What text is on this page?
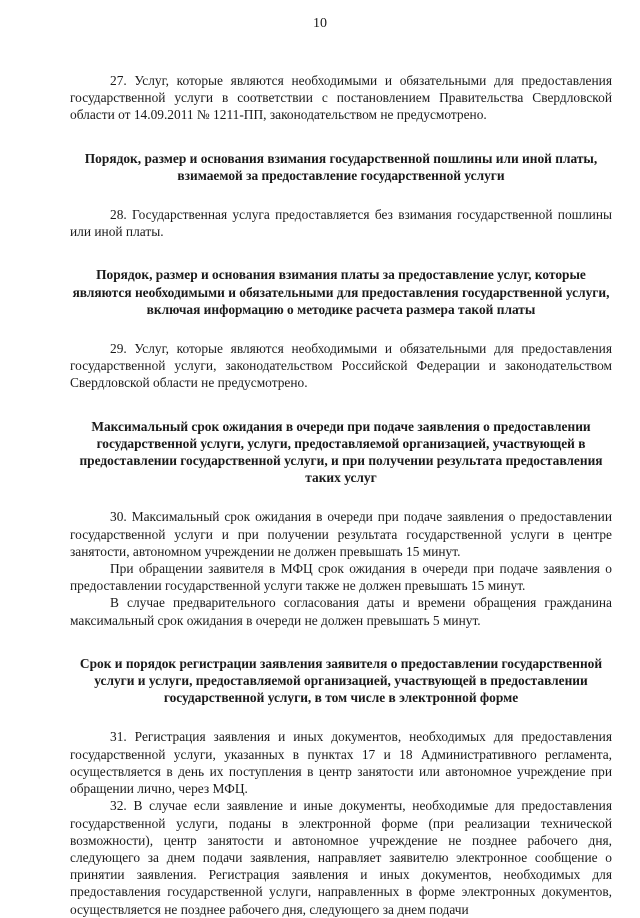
10

27. Услуг, которые являются необходимыми и обязательными для предоставления государственной услуги в соответствии с постановлением Правительства Свердловской области от 14.09.2011 № 1211-ПП, законодательством не предусмотрено.

Порядок, размер и основания взимания государственной пошлины или иной платы, взимаемой за предоставление государственной услуги

28. Государственная услуга предоставляется без взимания государственной пошлины или иной платы.

Порядок, размер и основания взимания платы за предоставление услуг, которые являются необходимыми и обязательными для предоставления государственной услуги, включая информацию о методике расчета размера такой платы

29. Услуг, которые являются необходимыми и обязательными для предоставления государственной услуги, законодательством Российской Федерации и законодательством Свердловской области не предусмотрено.

Максимальный срок ожидания в очереди при подаче заявления о предоставлении государственной услуги, услуги, предоставляемой организацией, участвующей в предоставлении государственной услуги, и при получении результата предоставления таких услуг

30. Максимальный срок ожидания в очереди при подаче заявления о предоставлении государственной услуги и при получении результата государственной услуги в центре занятости, автономном учреждении не должен превышать 15 минут.

При обращении заявителя в МФЦ срок ожидания в очереди при подаче заявления о предоставлении государственной услуги также не должен превышать 15 минут.

В случае предварительного согласования даты и времени обращения гражданина максимальный срок ожидания в очереди не должен превышать 5 минут.

Срок и порядок регистрации заявления заявителя о предоставлении государственной услуги и услуги, предоставляемой организацией, участвующей в предоставлении государственной услуги, в том числе в электронной форме

31. Регистрация заявления и иных документов, необходимых для предоставления государственной услуги, указанных в пунктах 17 и 18 Административного регламента, осуществляется в день их поступления в центр занятости или автономное учреждение при обращении лично, через МФЦ.

32. В случае если заявление и иные документы, необходимые для предоставления государственной услуги, поданы в электронной форме (при реализации технической возможности), центр занятости и автономное учреждение не позднее рабочего дня, следующего за днем подачи заявления, направляет заявителю электронное сообщение о принятии заявления. Регистрация заявления и иных документов, необходимых для предоставления государственной услуги, направленных в форме электронных документов, осуществляется не позднее рабочего дня, следующего за днем подачи
